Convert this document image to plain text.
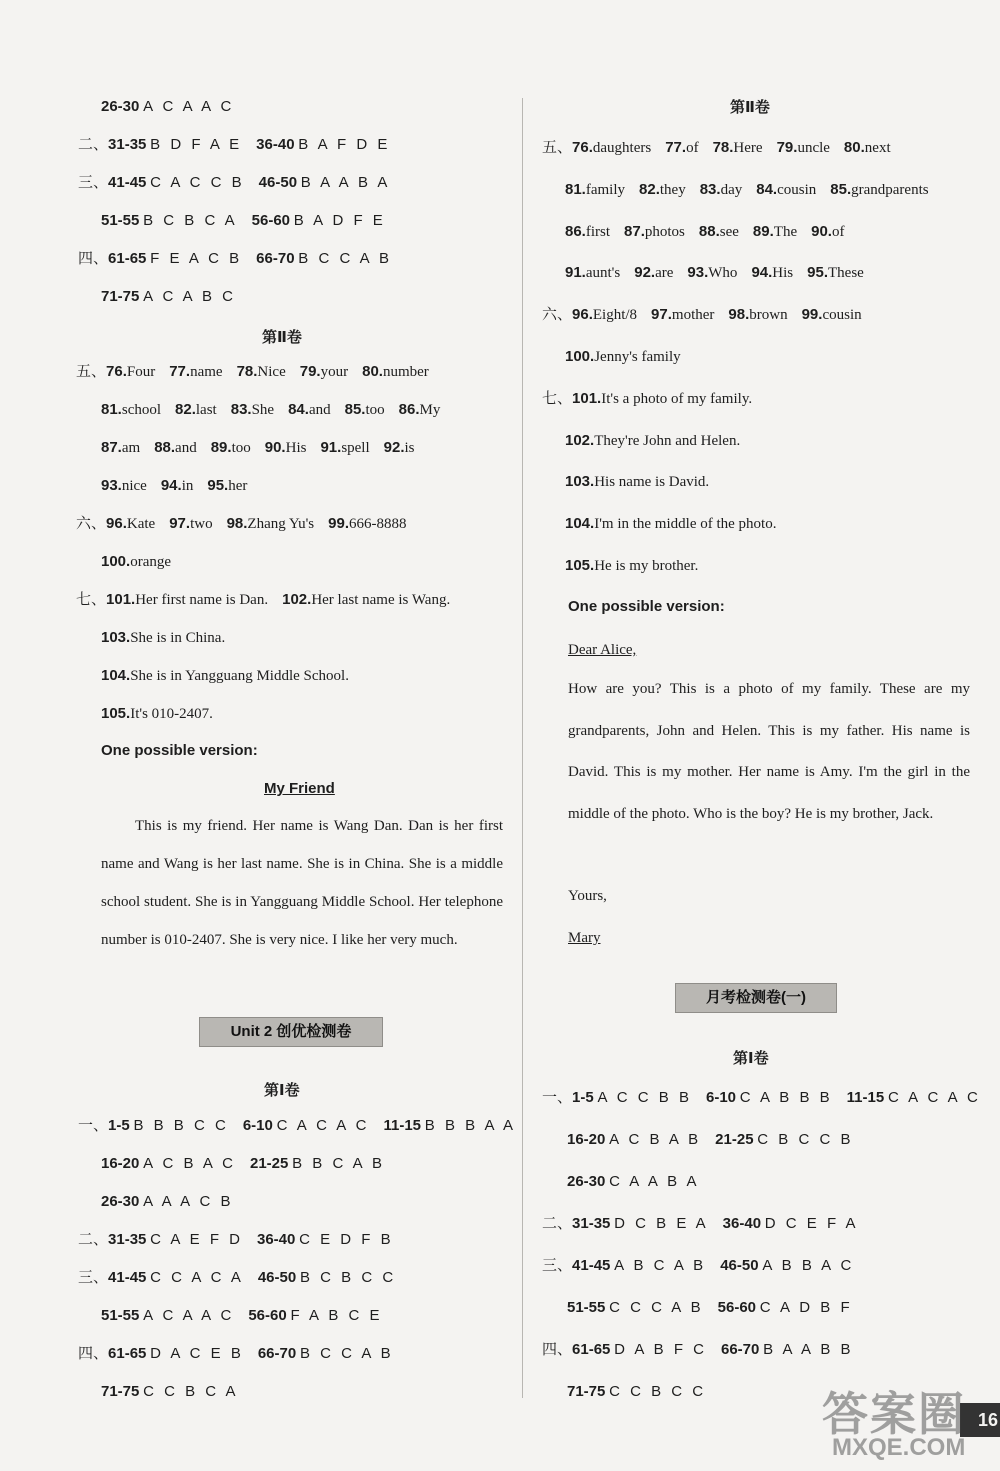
26-30 A C A A C
二、31-35 B D F A E 36-40 B A F D E
三、41-45 C A C C B 46-50 B A A B A
51-55 B C B C A 56-60 B A D F E
四、61-65 F E A C B 66-70 B C C A B
71-75 A C A B C
第Ⅱ卷
五、76.Four 77.name 78.Nice 79.your 80.number
81.school 82.last 83.She 84.and 85.too 86.My
87.am 88.and 89.too 90.His 91.spell 92.is
93.nice 94.in 95.her
六、96.Kate 97.two 98.Zhang Yu's 99.666-8888
100.orange
七、101.Her first name is Dan. 102.Her last name is Wang.
103.She is in China.
104.She is in Yangguang Middle School.
105.It's 010-2407.
One possible version:
My Friend
This is my friend. Her name is Wang Dan. Dan is her first name and Wang is her last name. She is in China. She is a middle school student. She is in Yangguang Middle School. Her telephone number is 010-2407. She is very nice. I like her very much.
Unit 2 创优检测卷
第Ⅰ卷
一、1-5 B B B C C 6-10 C A C A C 11-15 B B B A A
16-20 A C B A C 21-25 B B C A B
26-30 A A A C B
二、31-35 C A E F D 36-40 C E D F B
三、41-45 C C A C A 46-50 B C B C C
51-55 A C A A C 56-60 F A B C E
四、61-65 D A C E B 66-70 B C C A B
71-75 C C B C A
第Ⅱ卷
五、76.daughters 77.of 78.Here 79.uncle 80.next
81.family 82.they 83.day 84.cousin 85.grandparents
86.first 87.photos 88.see 89.The 90.of
91.aunt's 92.are 93.Who 94.His 95.These
六、96.Eight/8 97.mother 98.brown 99.cousin
100.Jenny's family
七、101.It's a photo of my family.
102.They're John and Helen.
103.His name is David.
104.I'm in the middle of the photo.
105.He is my brother.
One possible version:
Dear Alice,
How are you? This is a photo of my family. These are my grandparents, John and Helen. This is my father. His name is David. This is my mother. Her name is Amy. I'm the girl in the middle of the photo. Who is the boy? He is my brother, Jack.
Yours,
Mary
月考检测卷(一)
第Ⅰ卷
一、1-5 A C C B B 6-10 C A B B B 11-15 C A C A C
16-20 A C B A B 21-25 C B C C B
26-30 C A A B A
二、31-35 D C B E A 36-40 D C E F A
三、41-45 A B C A B 46-50 A B B A C
51-55 C C C A B 56-60 C A D B F
四、61-65 D A B F C 66-70 B A A B B
71-75 C C B C C
16
答案圈
MXQE.COM
